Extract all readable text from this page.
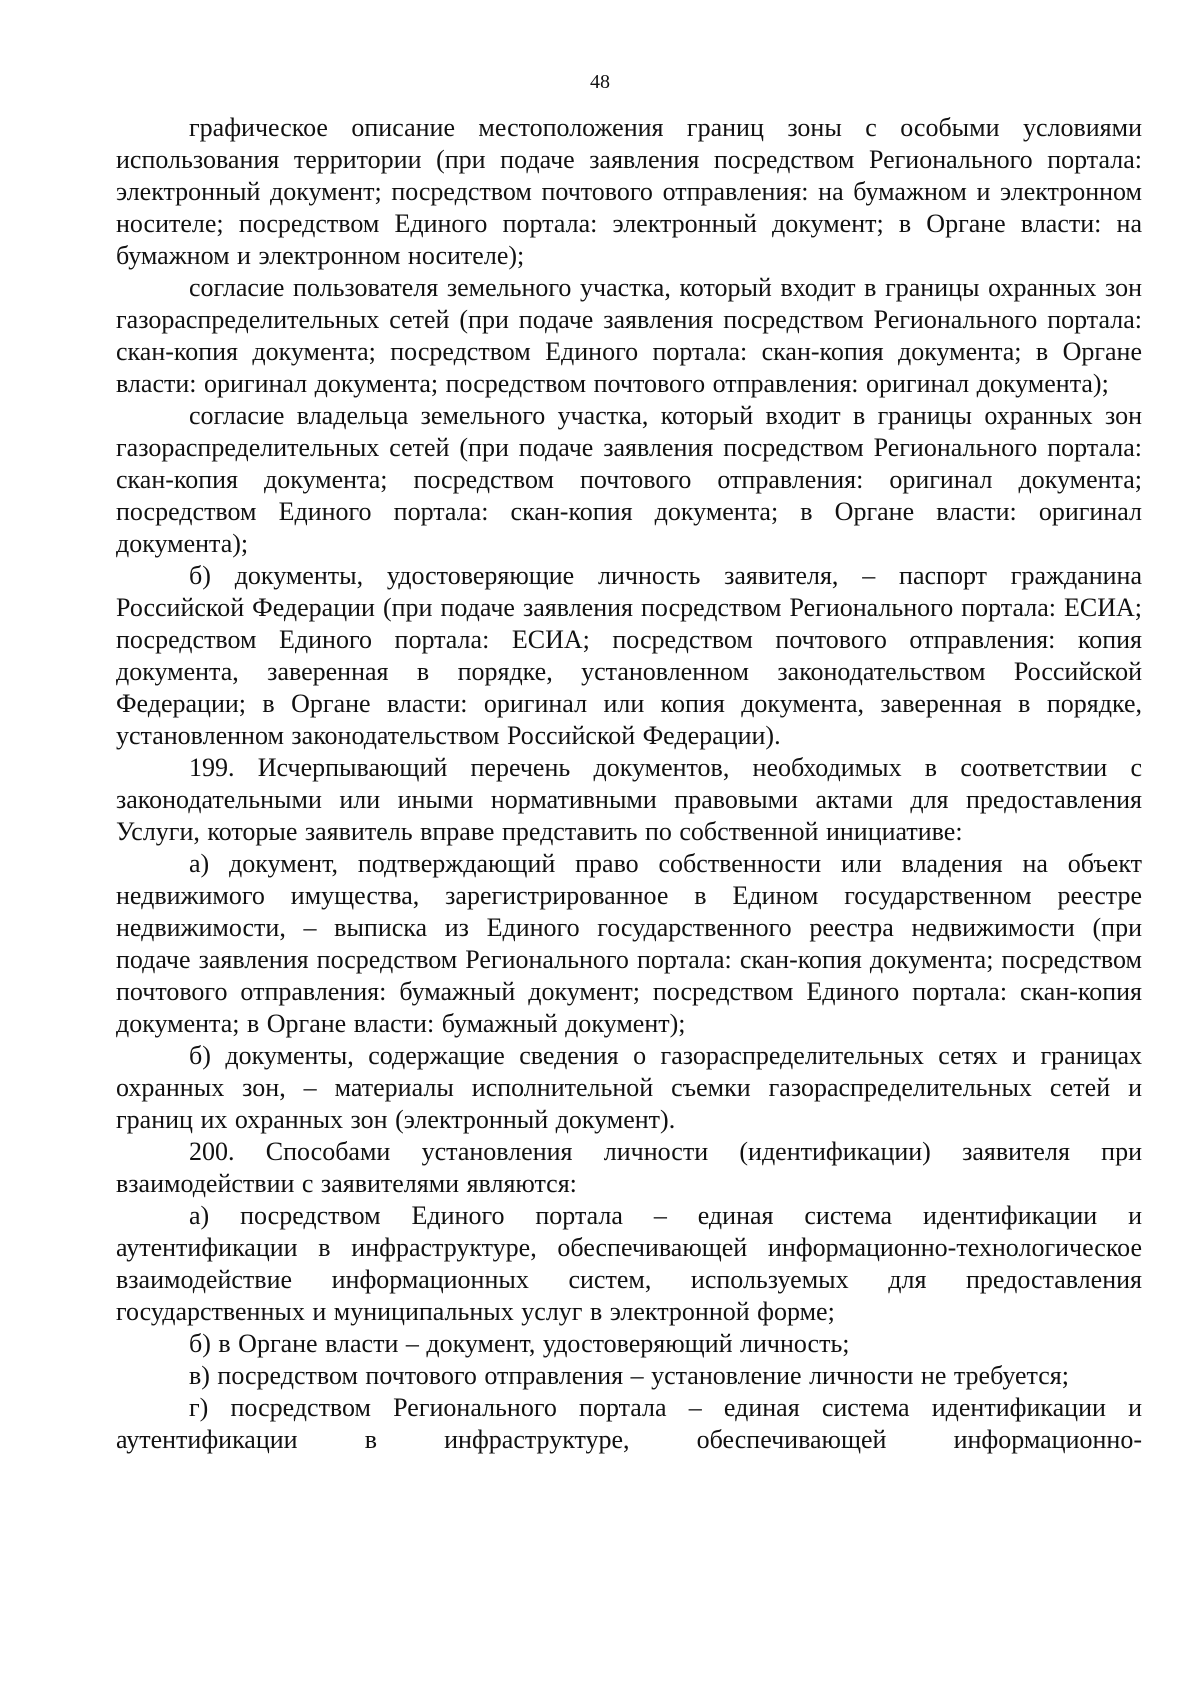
48

графическое описание местоположения границ зоны с особыми условиями использования территории (при подаче заявления посредством Регионального портала: электронный документ; посредством почтового отправления: на бумажном и электронном носителе; посредством Единого портала: электронный документ; в Органе власти: на бумажном и электронном носителе);

согласие пользователя земельного участка, который входит в границы охранных зон газораспределительных сетей (при подаче заявления посредством Регионального портала: скан-копия документа; посредством Единого портала: скан-копия документа; в Органе власти: оригинал документа; посредством почтового отправления: оригинал документа);

согласие владельца земельного участка, который входит в границы охранных зон газораспределительных сетей (при подаче заявления посредством Регионального портала: скан-копия документа; посредством почтового отправления: оригинал документа; посредством Единого портала: скан-копия документа; в Органе власти: оригинал документа);

б) документы, удостоверяющие личность заявителя, – паспорт гражданина Российской Федерации (при подаче заявления посредством Регионального портала: ЕСИА; посредством Единого портала: ЕСИА; посредством почтового отправления: копия документа, заверенная в порядке, установленном законодательством Российской Федерации; в Органе власти: оригинал или копия документа, заверенная в порядке, установленном законодательством Российской Федерации).

199. Исчерпывающий перечень документов, необходимых в соответствии с законодательными или иными нормативными правовыми актами для предоставления Услуги, которые заявитель вправе представить по собственной инициативе:

а) документ, подтверждающий право собственности или владения на объект недвижимого имущества, зарегистрированное в Едином государственном реестре недвижимости, – выписка из Единого государственного реестра недвижимости (при подаче заявления посредством Регионального портала: скан-копия документа; посредством почтового отправления: бумажный документ; посредством Единого портала: скан-копия документа; в Органе власти: бумажный документ);

б) документы, содержащие сведения о газораспределительных сетях и границах охранных зон, – материалы исполнительной съемки газораспределительных сетей и границ их охранных зон (электронный документ).

200. Способами установления личности (идентификации) заявителя при взаимодействии с заявителями являются:

а) посредством Единого портала – единая система идентификации и аутентификации в инфраструктуре, обеспечивающей информационно-технологическое взаимодействие информационных систем, используемых для предоставления государственных и муниципальных услуг в электронной форме;

б) в Органе власти – документ, удостоверяющий личность;

в) посредством почтового отправления – установление личности не требуется;

г) посредством Регионального портала – единая система идентификации и аутентификации в инфраструктуре, обеспечивающей информационно-
